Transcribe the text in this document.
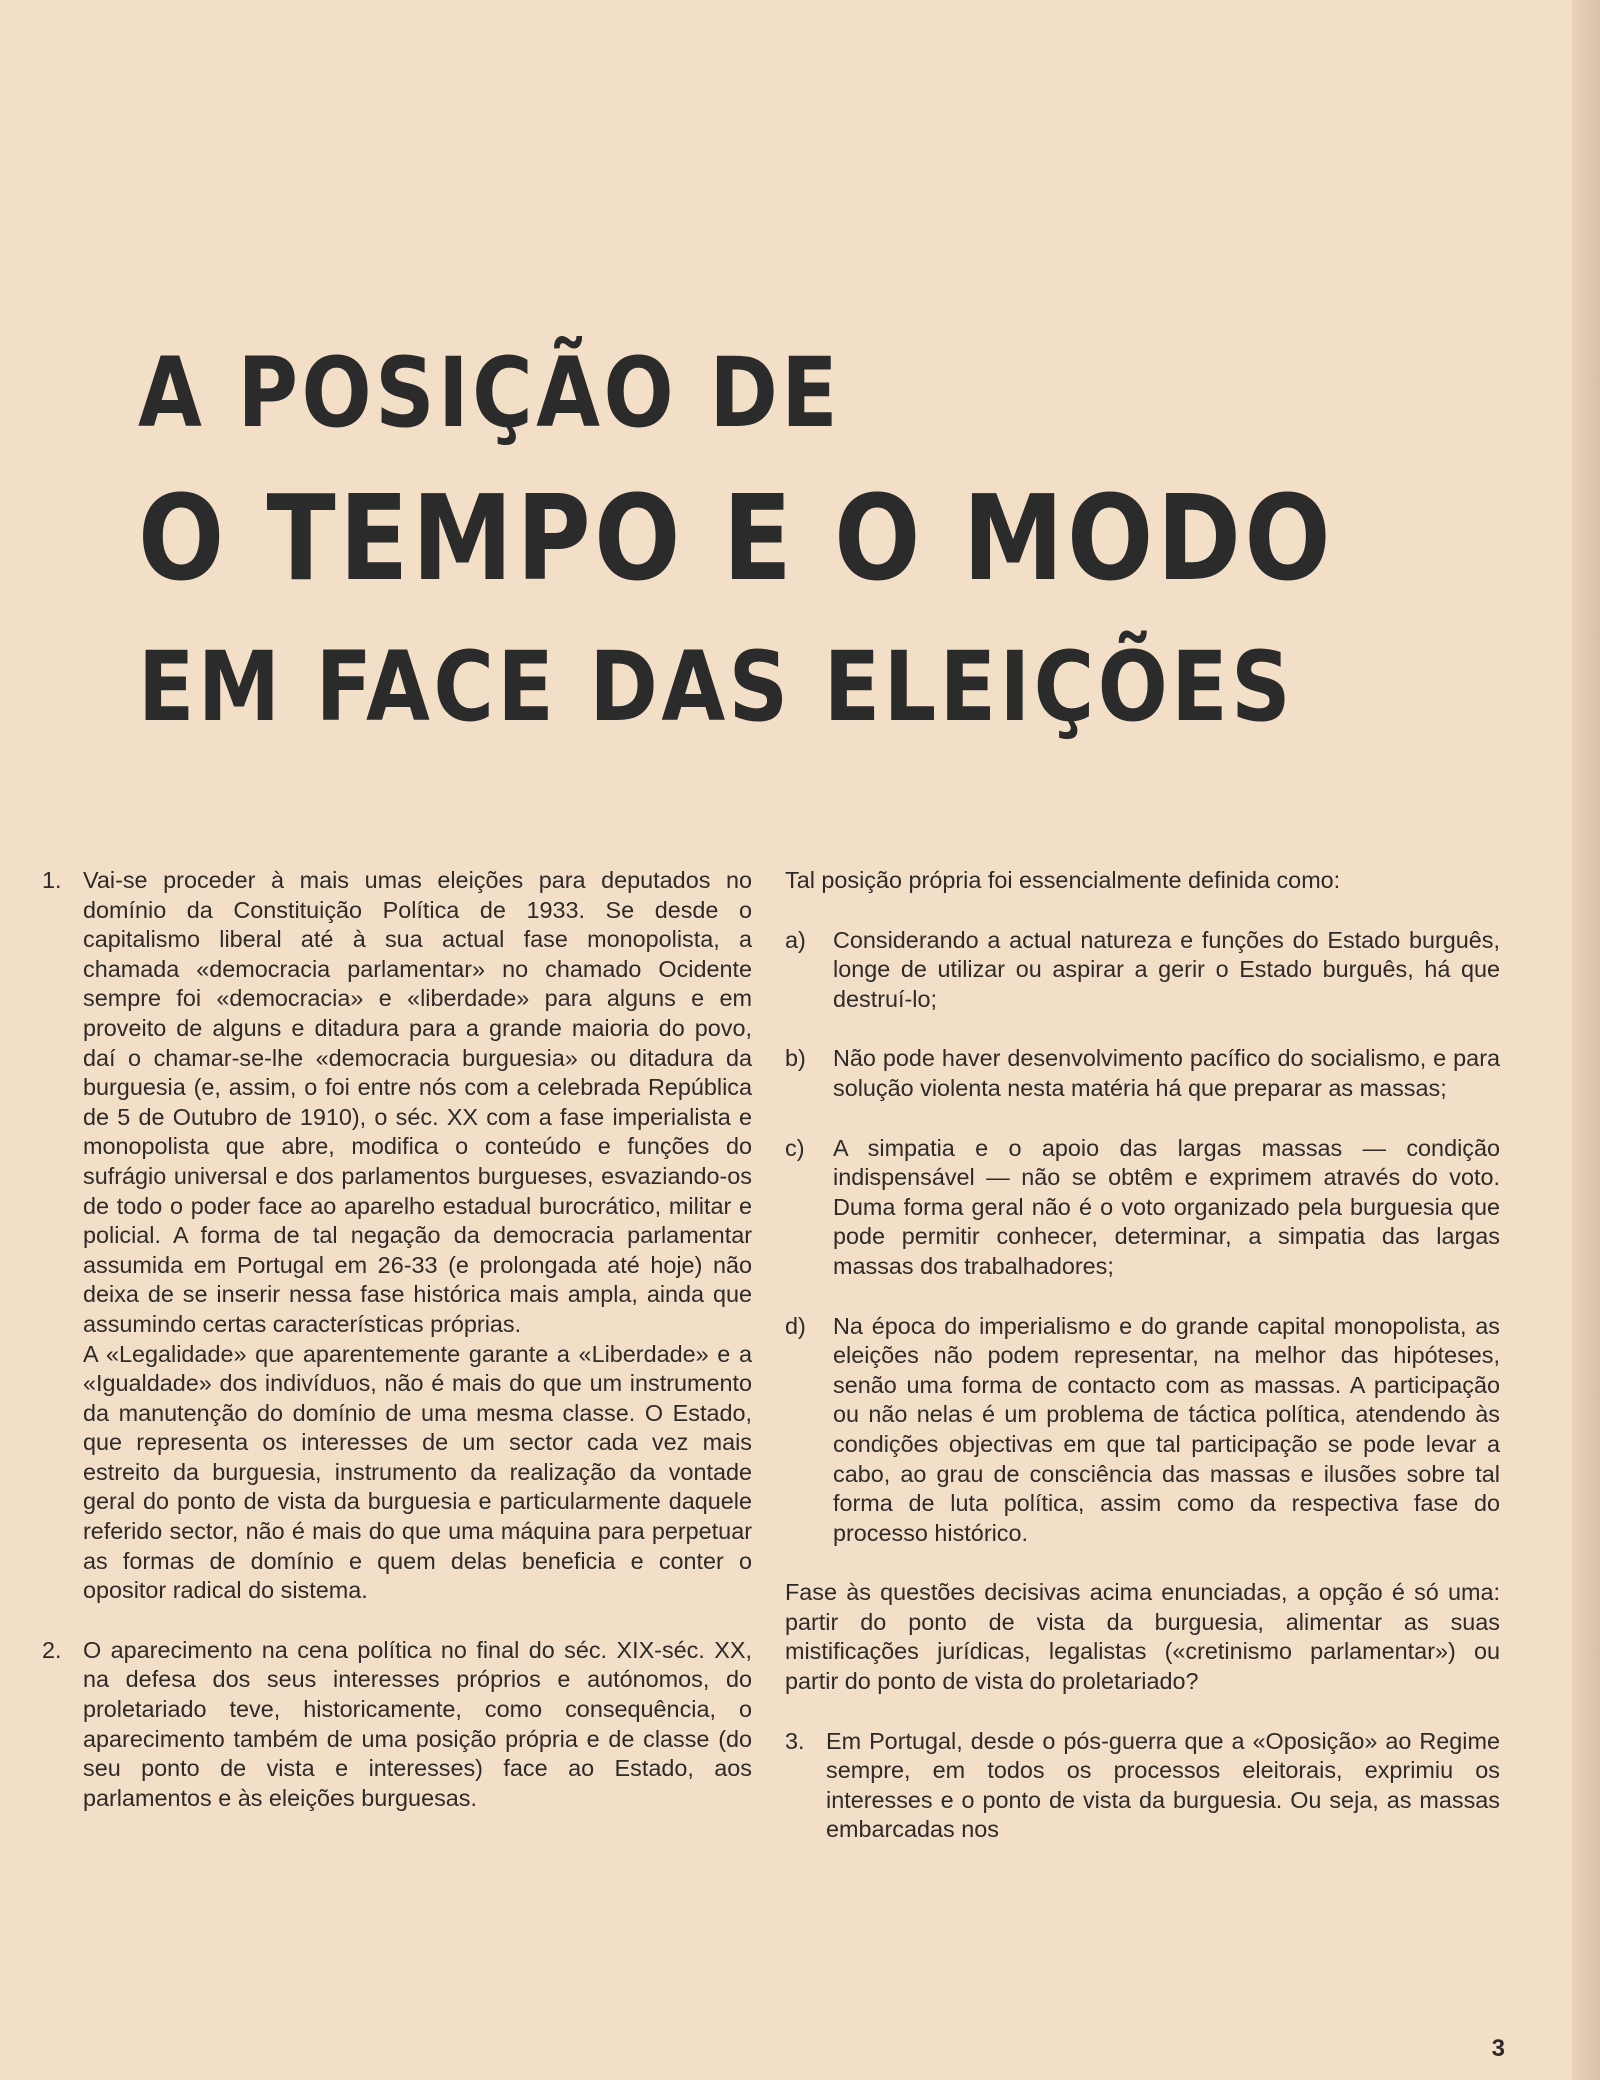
A POSIÇÃO DE
O TEMPO E O MODO
EM FACE DAS ELEIÇÕES
1. Vai-se proceder à mais umas eleições para deputados no domínio da Constituição Política de 1933. Se desde o capitalismo liberal até à sua actual fase monopolista, a chamada «democracia parlamentar» no chamado Ocidente sempre foi «democracia» e «liberdade» para alguns e em proveito de alguns e ditadura para a grande maioria do povo, daí o chamar-se-lhe «democracia burguesia» ou ditadura da burguesia (e, assim, o foi entre nós com a celebrada República de 5 de Outubro de 1910), o séc. XX com a fase imperialista e monopolista que abre, modifica o conteúdo e funções do sufrágio universal e dos parlamentos burgueses, esvaziando-os de todo o poder face ao aparelho estadual burocrático, militar e policial. A forma de tal negação da democracia parlamentar assumida em Portugal em 26-33 (e prolongada até hoje) não deixa de se inserir nessa fase histórica mais ampla, ainda que assumindo certas características próprias.

A «Legalidade» que aparentemente garante a «Liberdade» e a «Igualdade» dos indivíduos, não é mais do que um instrumento da manutenção do domínio de uma mesma classe. O Estado, que representa os interesses de um sector cada vez mais estreito da burguesia, instrumento da realização da vontade geral do ponto de vista da burguesia e particularmente daquele referido sector, não é mais do que uma máquina para perpetuar as formas de domínio e quem delas beneficia e conter o opositor radical do sistema.

2. O aparecimento na cena política no final do séc. XIX-séc. XX, na defesa dos seus interesses próprios e autónomos, do proletariado teve, historicamente, como consequência, o aparecimento também de uma posição própria e de classe (do seu ponto de vista e interesses) face ao Estado, aos parlamentos e às eleições burguesas.

Tal posição própria foi essencialmente definida como:

a)	Considerando a actual natureza e funções do Estado burguês, longe de utilizar ou aspirar a gerir o Estado burguês, há que destruí-lo;

b)	Não pode haver desenvolvimento pacífico do socialismo, e para solução violenta nesta matéria há que preparar as massas;

c)	A simpatia e o apoio das largas massas — condição indispensável — não se obtêm e exprimem através do voto. Duma forma geral não é o voto organizado pela burguesia que pode permitir conhecer, determinar, a simpatia das largas massas dos trabalhadores;

d)	Na época do imperialismo e do grande capital monopolista, as eleições não podem representar, na melhor das hipóteses, senão uma forma de contacto com as massas. A participação ou não nelas é um problema de táctica política, atendendo às condições objectivas em que tal participação se pode levar a cabo, ao grau de consciência das massas e ilusões sobre tal forma de luta política, assim como da respectiva fase do processo histórico.

Fase às questões decisivas acima enunciadas, a opção é só uma: partir do ponto de vista da burguesia, alimentar as suas mistificações jurídicas, legalistas («cretinismo parlamentar») ou partir do ponto de vista do proletariado?

3. Em Portugal, desde o pós-guerra que a «Oposição» ao Regime sempre, em todos os processos eleitorais, exprimiu os interesses e o ponto de vista da burguesia. Ou seja, as massas embarcadas nos

3
